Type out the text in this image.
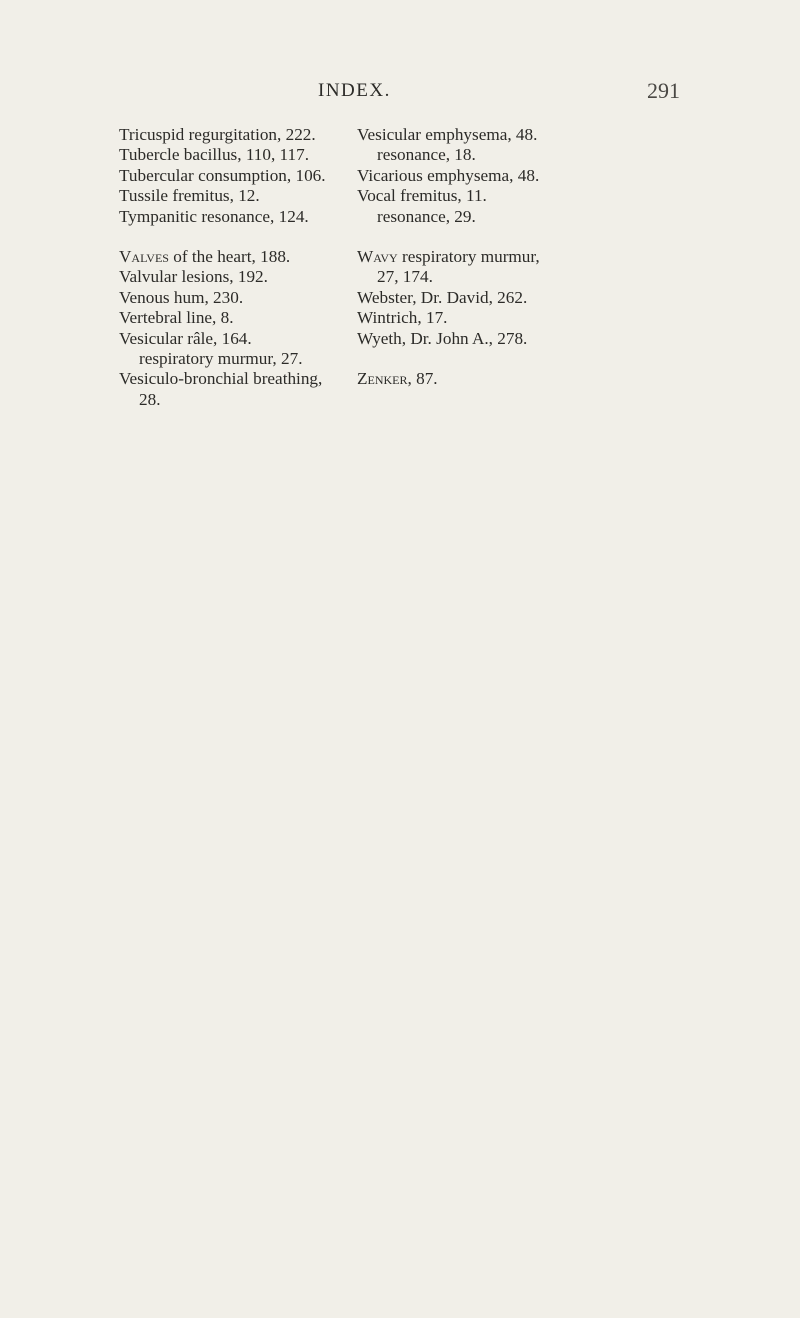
INDEX.	291
Tricuspid regurgitation, 222.
Tubercle bacillus, 110, 117.
Tubercular consumption, 106.
Tussile fremitus, 12.
Tympanitic resonance, 124.
Valves of the heart, 188.
Valvular lesions, 192.
Venous hum, 230.
Vertebral line, 8.
Vesicular râle, 164.
respiratory murmur, 27.
Vesiculo-bronchial breathing,
28.
Vesicular emphysema, 48.
resonance, 18.
Vicarious emphysema, 48.
Vocal fremitus, 11.
resonance, 29.
Wavy respiratory murmur,
27, 174.
Webster, Dr. David, 262.
Wintrich, 17.
Wyeth, Dr. John A., 278.
Zenker, 87.
